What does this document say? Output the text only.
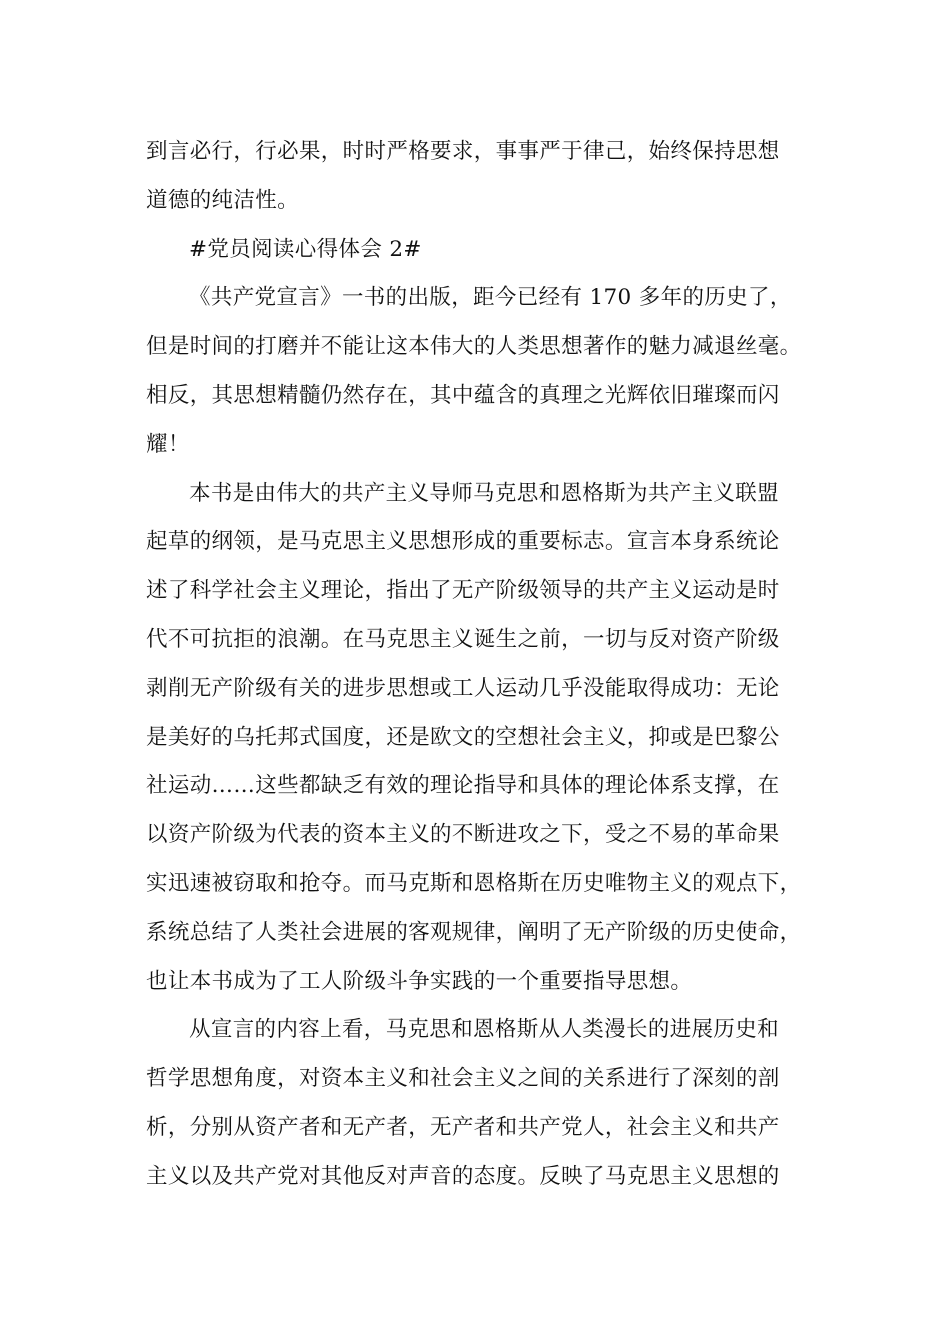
到言必行，行必果，时时严格要求，事事严于律己，始终保持思想
道德的纯洁性。
#党员阅读心得体会 2#
《共产党宣言》一书的出版，距今已经有 170 多年的历史了，
但是时间的打磨并不能让这本伟大的人类思想著作的魅力减退丝毫。
相反，其思想精髓仍然存在，其中蕴含的真理之光辉依旧璀璨而闪
耀！
本书是由伟大的共产主义导师马克思和恩格斯为共产主义联盟
起草的纲领，是马克思主义思想形成的重要标志。宣言本身系统论
述了科学社会主义理论，指出了无产阶级领导的共产主义运动是时
代不可抗拒的浪潮。在马克思主义诞生之前，一切与反对资产阶级
剥削无产阶级有关的进步思想或工人运动几乎没能取得成功：无论
是美好的乌托邦式国度，还是欧文的空想社会主义，抑或是巴黎公
社运动……这些都缺乏有效的理论指导和具体的理论体系支撑，在
以资产阶级为代表的资本主义的不断进攻之下，受之不易的革命果
实迅速被窃取和抢夺。而马克斯和恩格斯在历史唯物主义的观点下，
系统总结了人类社会进展的客观规律，阐明了无产阶级的历史使命，
也让本书成为了工人阶级斗争实践的一个重要指导思想。
从宣言的内容上看，马克思和恩格斯从人类漫长的进展历史和
哲学思想角度，对资本主义和社会主义之间的关系进行了深刻的剖
析，分别从资产者和无产者，无产者和共产党人，社会主义和共产
主义以及共产党对其他反对声音的态度。反映了马克思主义思想的
